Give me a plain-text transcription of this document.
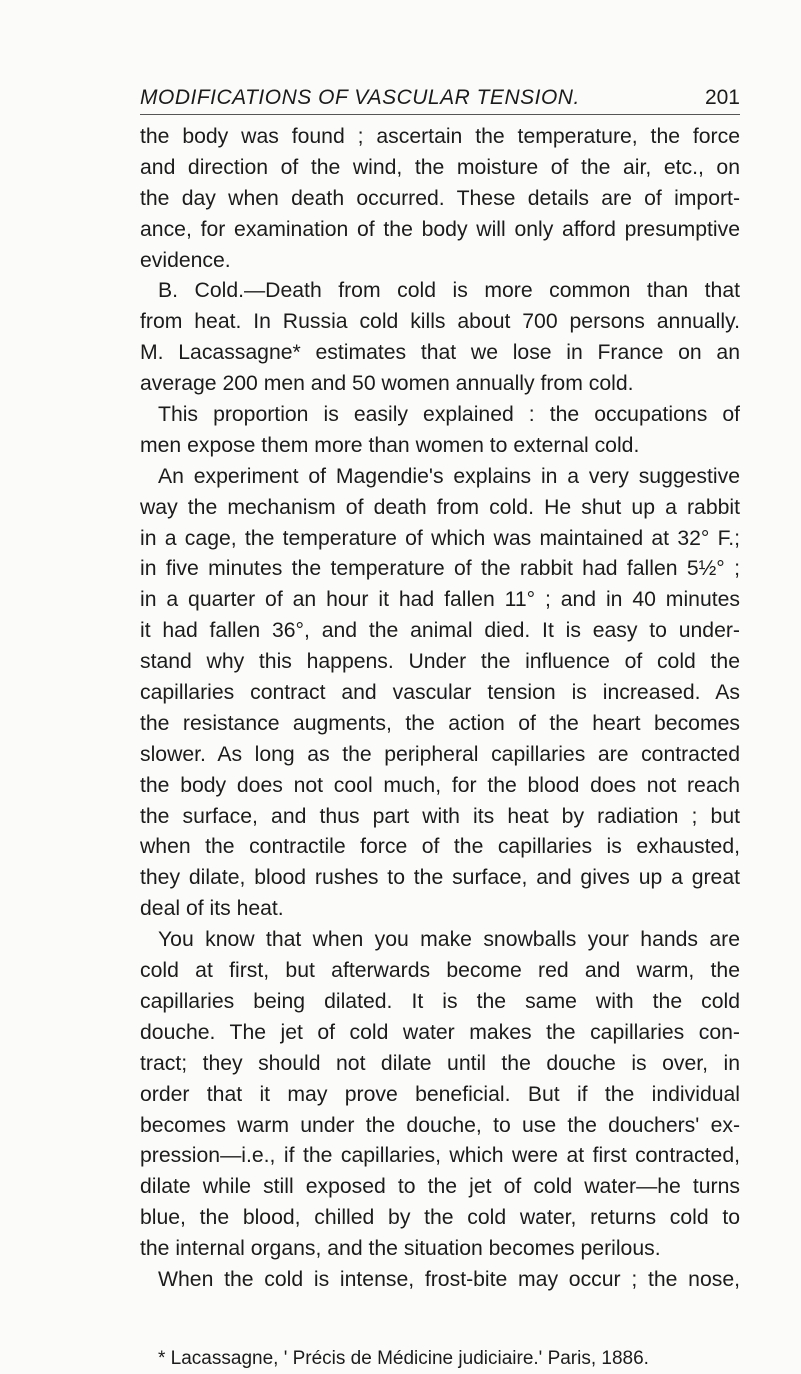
MODIFICATIONS OF VASCULAR TENSION.	201
the body was found ; ascertain the temperature, the force
and direction of the wind, the moisture of the air, etc., on
the day when death occurred. These details are of import-
ance, for examination of the body will only afford presumptive
evidence.
B. Cold.—Death from cold is more common than that
from heat. In Russia cold kills about 700 persons annually.
M. Lacassagne* estimates that we lose in France on an
average 200 men and 50 women annually from cold.
This proportion is easily explained : the occupations of
men expose them more than women to external cold.
An experiment of Magendie's explains in a very suggestive
way the mechanism of death from cold. He shut up a rabbit
in a cage, the temperature of which was maintained at 32° F.;
in five minutes the temperature of the rabbit had fallen 5½° ;
in a quarter of an hour it had fallen 11° ; and in 40 minutes
it had fallen 36°, and the animal died. It is easy to under-
stand why this happens. Under the influence of cold the
capillaries contract and vascular tension is increased. As
the resistance augments, the action of the heart becomes
slower. As long as the peripheral capillaries are contracted
the body does not cool much, for the blood does not reach
the surface, and thus part with its heat by radiation ; but
when the contractile force of the capillaries is exhausted,
they dilate, blood rushes to the surface, and gives up a great
deal of its heat.
You know that when you make snowballs your hands are
cold at first, but afterwards become red and warm, the
capillaries being dilated. It is the same with the cold
douche. The jet of cold water makes the capillaries con-
tract; they should not dilate until the douche is over, in
order that it may prove beneficial. But if the individual
becomes warm under the douche, to use the douchers' ex-
pression—i.e., if the capillaries, which were at first contracted,
dilate while still exposed to the jet of cold water—he turns
blue, the blood, chilled by the cold water, returns cold to
the internal organs, and the situation becomes perilous.
When the cold is intense, frost-bite may occur ; the nose,
* Lacassagne, ' Précis de Médicine judiciaire.' Paris, 1886.
